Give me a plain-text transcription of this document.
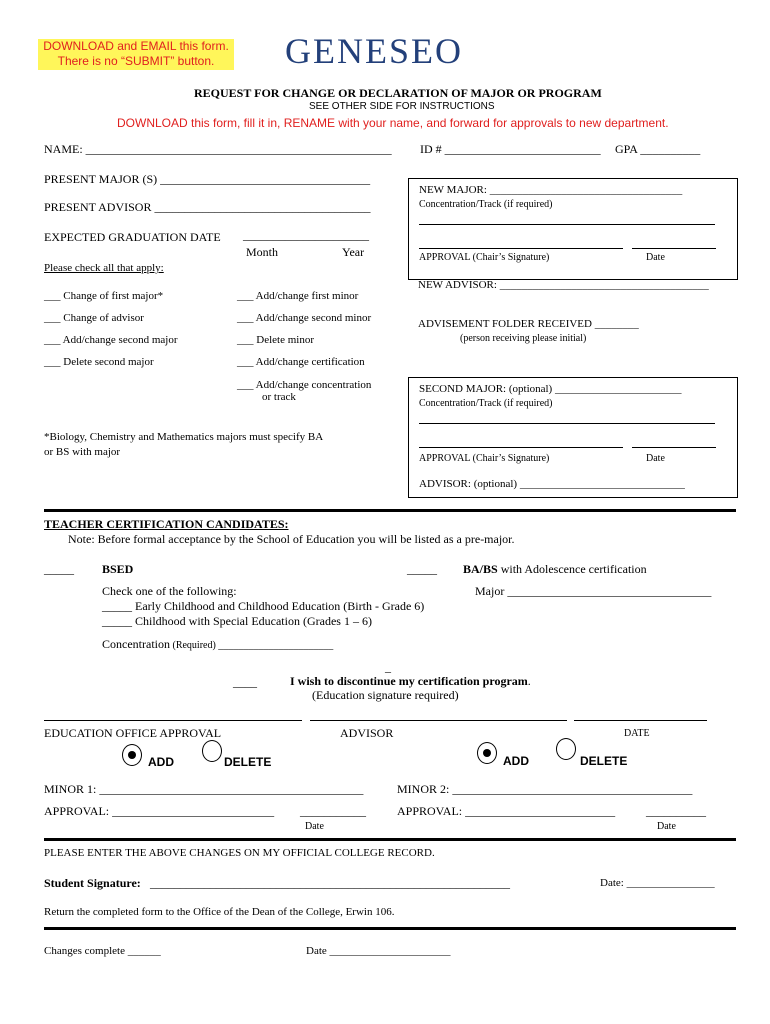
DOWNLOAD and EMAIL this form.
There is no “SUBMIT” button.	GENESEO
REQUEST FOR CHANGE OR DECLARATION OF MAJOR OR PROGRAM
SEE OTHER SIDE FOR INSTRUCTIONS
DOWNLOAD this form, fill it in, RENAME with your name, and forward for approvals to new department.
NAME: ___________________________________________________ ID # __________________________ GPA __________
PRESENT MAJOR (S) ___________________________________
PRESENT ADVISOR ____________________________________
EXPECTED GRADUATION DATE _____________________
Month	Year
Please check all that apply:
___ Change of first major*
___ Change of advisor
___ Add/change second major
___ Delete second major
___ Add/change first minor
___ Add/change second minor
___ Delete minor
___ Add/change certification
___ Add/change concentration
or track
*Biology, Chemistry and Mathematics majors must specify BA
or BS with major
NEW MAJOR: ___________________________________
Concentration/Track (if required)
APPROVAL (Chair’s Signature)	Date
NEW ADVISOR: ______________________________________
ADVISEMENT FOLDER RECEIVED ________
(person receiving please initial)
SECOND MAJOR: (optional) _______________________
Concentration/Track (if required)
APPROVAL (Chair’s Signature)	Date
ADVISOR: (optional) ______________________________
TEACHER CERTIFICATION CANDIDATES:
Note: Before formal acceptance by the School of Education you will be listed as a pre-major.
_____ BSED	_____ BA/BS with Adolescence certification
Major __________________________________
Check one of the following:
_____ Early Childhood and Childhood Education (Birth - Grade 6)
_____ Childhood with Special Education (Grades 1 – 6)
Concentration (Required) _______________________
_
____	I wish to discontinue my certification program.
(Education signature required)
EDUCATION OFFICE APPROVAL	ADVISOR	DATE
ADD	DELETE	ADD	DELETE
MINOR 1: ____________________________________________	MINOR 2: ________________________________________
APPROVAL: ___________________________ ___________	APPROVAL: _________________________	__________
Date	Date
PLEASE ENTER THE ABOVE CHANGES ON MY OFFICIAL COLLEGE RECORD.
Student Signature: ____________________________________________________________	Date: ________________
Return the completed form to the Office of the Dean of the College, Erwin 106.
Changes complete ______	Date ______________________
